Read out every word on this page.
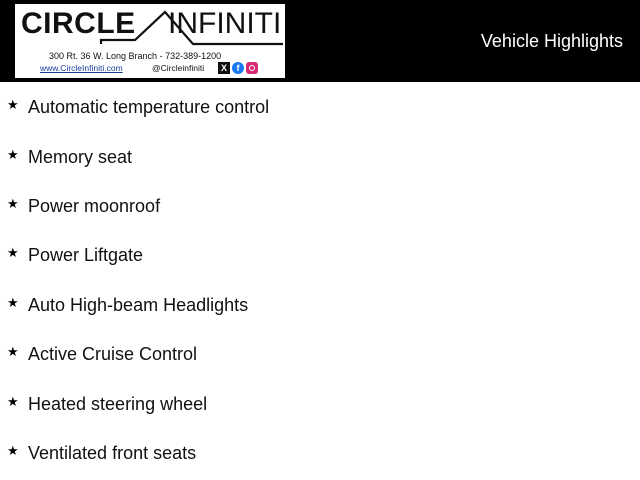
CIRCLE INFINITI
300 Rt. 36 W. Long Branch - 732-389-1200
www.CircleInfiniti.com	@Circleinfiniti X f
Vehicle Highlights
★ Automatic temperature control
★ Memory seat
★ Power moonroof
★ Power Liftgate
★ Auto High-beam Headlights
★ Active Cruise Control
★ Heated steering wheel
★ Ventilated front seats
